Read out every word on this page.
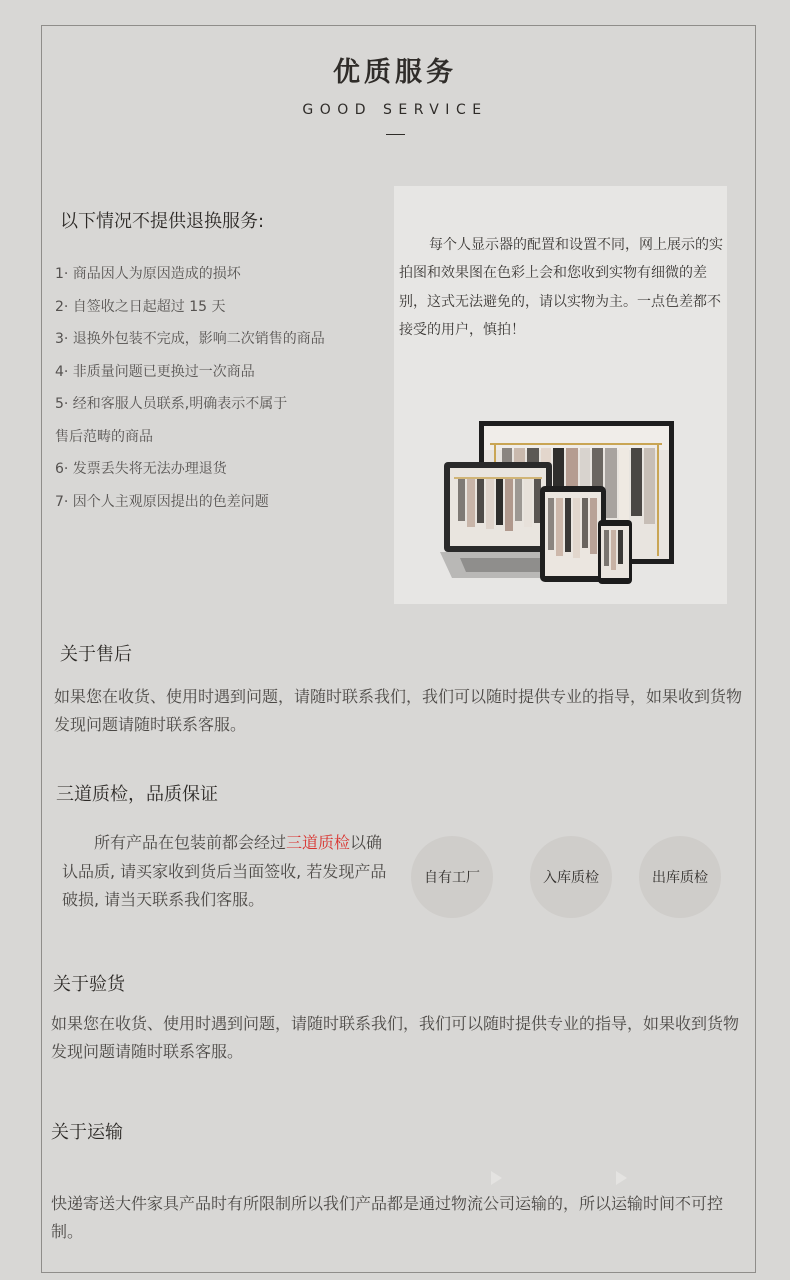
优质服务
GOOD SERVICE
以下情况不提供退换服务:
1· 商品因人为原因造成的损坏
2· 自签收之日起超过 15 天
3· 退换外包装不完成，影响二次销售的商品
4· 非质量问题已更换过一次商品
5· 经和客服人员联系,明确表示不属于
售后范畴的商品
6· 发票丢失将无法办理退货
7· 因个人主观原因提出的色差问题
每个人显示器的配置和设置不同，网上展示的实拍图和效果图在色彩上会和您收到实物有细微的差别，这式无法避免的，请以实物为主。一点色差都不接受的用户，慎拍！
关于售后
如果您在收货、使用时遇到问题，请随时联系我们，我们可以随时提供专业的指导，如果收到货物发现问题请随时联系客服。
三道质检，品质保证
所有产品在包装前都会经过三道质检以确认品质, 请买家收到货后当面签收, 若发现产品破损, 请当天联系我们客服。
自有工厂	入库质检	出库质检
关于验货
如果您在收货、使用时遇到问题，请随时联系我们，我们可以随时提供专业的指导，如果收到货物发现问题请随时联系客服。
关于运输
快递寄送大件家具产品时有所限制所以我们产品都是通过物流公司运输的，所以运输时间不可控制。
